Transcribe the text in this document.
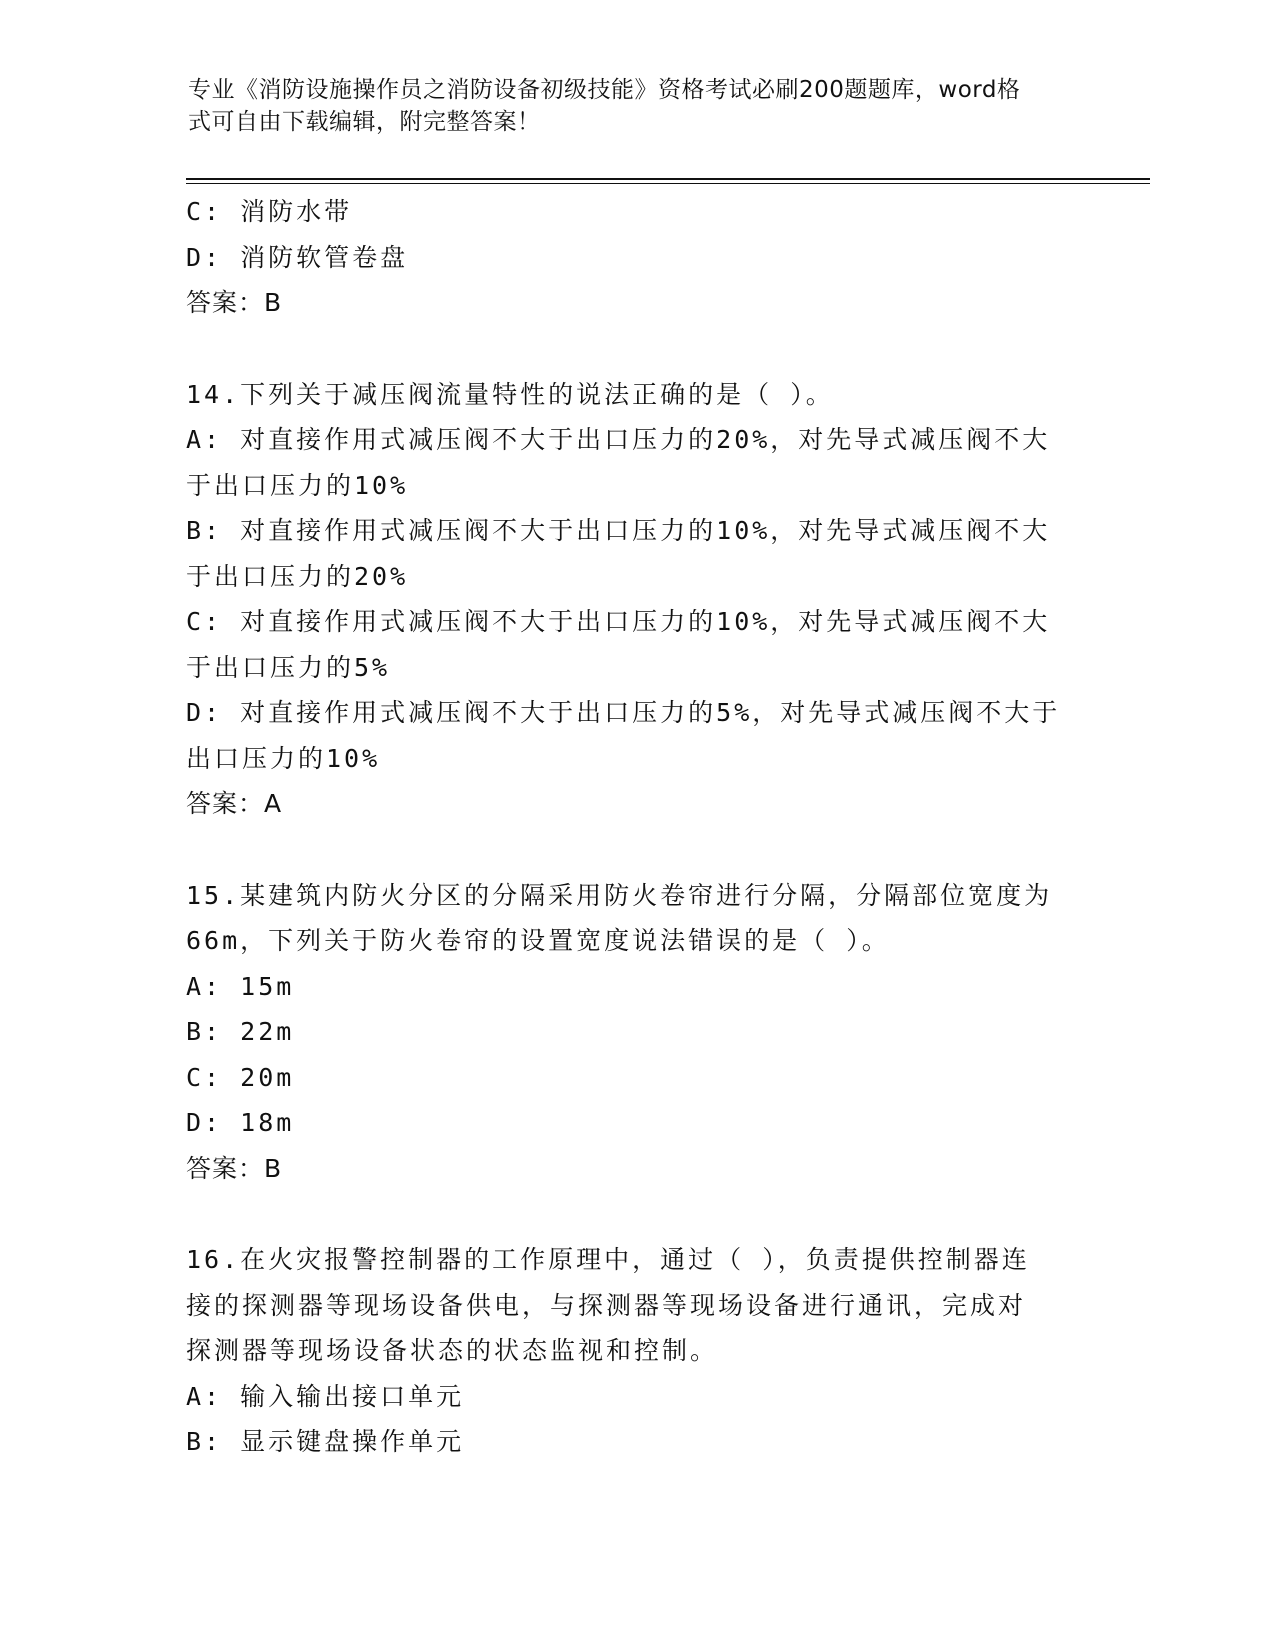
专业《消防设施操作员之消防设备初级技能》资格考试必刷200题题库，word格
式可自由下载编辑，附完整答案！
C: 消防水带
D: 消防软管卷盘
答案：B
14.下列关于减压阀流量特性的说法正确的是（ ）。
A: 对直接作用式减压阀不大于出口压力的20%，对先导式减压阀不大
于出口压力的10%
B: 对直接作用式减压阀不大于出口压力的10%，对先导式减压阀不大
于出口压力的20%
C: 对直接作用式减压阀不大于出口压力的10%，对先导式减压阀不大
于出口压力的5%
D: 对直接作用式减压阀不大于出口压力的5%，对先导式减压阀不大于
出口压力的10%
答案：A
15.某建筑内防火分区的分隔采用防火卷帘进行分隔，分隔部位宽度为
66m，下列关于防火卷帘的设置宽度说法错误的是（ ）。
A: 15m
B: 22m
C: 20m
D: 18m
答案：B
16.在火灾报警控制器的工作原理中，通过（ ），负责提供控制器连
接的探测器等现场设备供电，与探测器等现场设备进行通讯，完成对
探测器等现场设备状态的状态监视和控制。
A: 输入输出接口单元
B: 显示键盘操作单元
